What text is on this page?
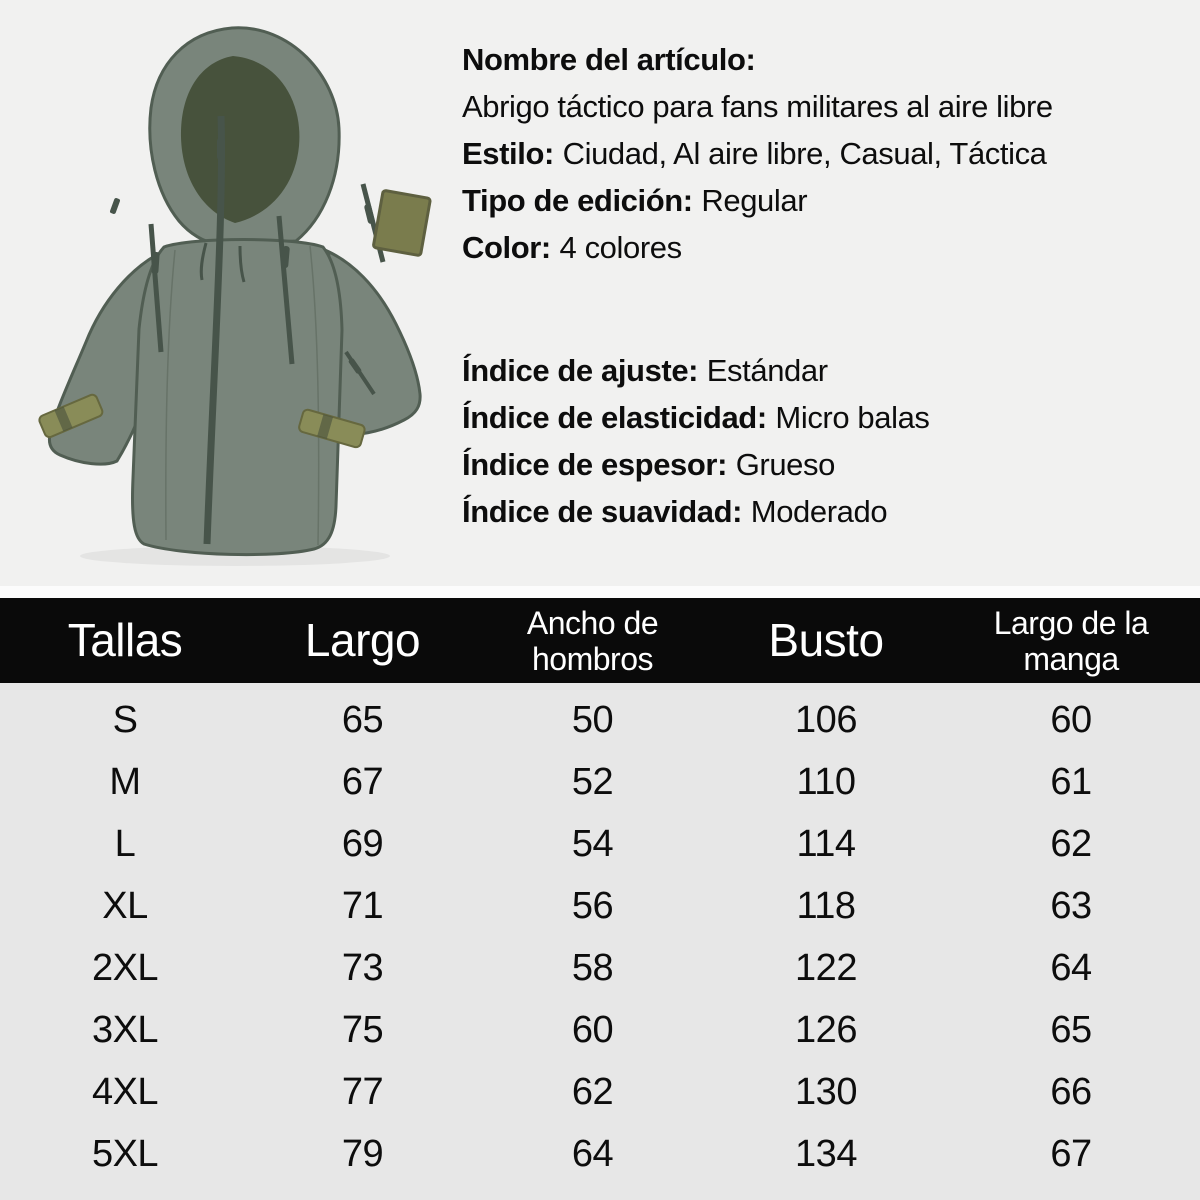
Nombre del artículo:
Abrigo táctico para fans militares al aire libre
Estilo: Ciudad, Al aire libre, Casual, Táctica
Tipo de edición: Regular
Color: 4 colores
Índice de ajuste: Estándar
Índice de elasticidad: Micro balas
Índice de espesor: Grueso
Índice de suavidad: Moderado
Tallas	Largo	Ancho de hombros	Busto	Largo de la manga
S	65	50	106	60
M	67	52	110	61
L	69	54	114	62
XL	71	56	118	63
2XL	73	58	122	64
3XL	75	60	126	65
4XL	77	62	130	66
5XL	79	64	134	67
